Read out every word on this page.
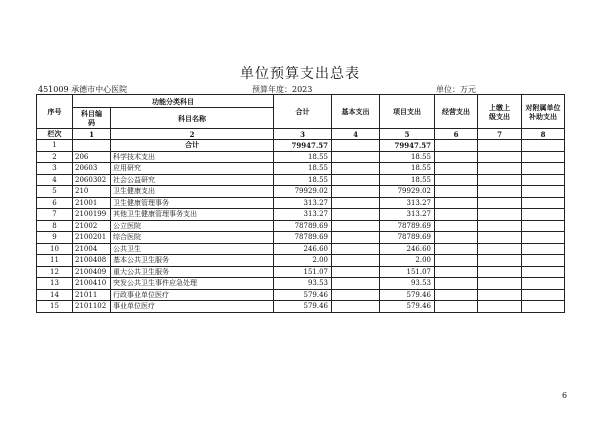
单位预算支出总表
451009 承德市中心医院	预算年度：2023	单位：万元
序号	功能分类科目		合计	基本支出	项目支出	经营支出	上缴上级支出	对附属单位补助支出
	科目编码	科目名称						
栏次	1	2	3	4	5	6	7	8
1		合计	79947.57		79947.57			
2	206	科学技术支出	18.55		18.55			
3	20603	应用研究	18.55		18.55			
4	2060302	社会公益研究	18.55		18.55			
5	210	卫生健康支出	79929.02		79929.02			
6	21001	卫生健康管理事务	313.27		313.27			
7	2100199	其他卫生健康管理事务支出	313.27		313.27			
8	21002	公立医院	78789.69		78789.69			
9	2100201	综合医院	78789.69		78789.69			
10	21004	公共卫生	246.60		246.60			
11	2100408	基本公共卫生服务	2.00		2.00			
12	2100409	重大公共卫生服务	151.07		151.07			
13	2100410	突发公共卫生事件应急处理	93.53		93.53			
14	21011	行政事业单位医疗	579.46		579.46			
15	2101102	事业单位医疗	579.46		579.46			
6
